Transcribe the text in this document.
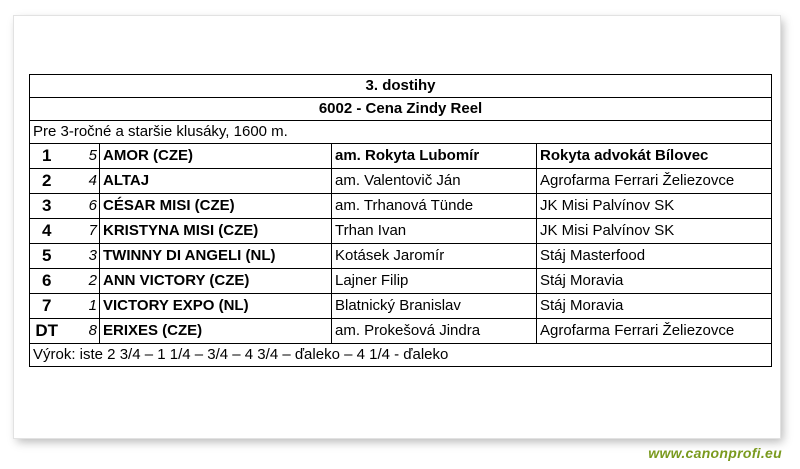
3. dostihy				
6002 - Cena Zindy Reel				
Pre 3-ročné a staršie klusáky, 1600 m.				
1	5	AMOR (CZE)	am. Rokyta Lubomír	Rokyta advokát Bílovec
2	4	ALTAJ	am. Valentovič Ján	Agrofarma Ferrari Želiezovce
3	6	CÉSAR MISI (CZE)	am. Trhanová Tünde	JK Misi Palvínov SK
4	7	KRISTYNA MISI (CZE)	Trhan Ivan	JK Misi Palvínov SK
5	3	TWINNY DI ANGELI (NL)	Kotásek Jaromír	Stáj Masterfood
6	2	ANN VICTORY (CZE)	Lajner Filip	Stáj Moravia
7	1	VICTORY EXPO (NL)	Blatnický Branislav	Stáj Moravia
DT	8	ERIXES (CZE)	am. Prokešová Jindra	Agrofarma Ferrari Želiezovce
Výrok: iste 2 3/4 – 1 1/4 – 3/4 – 4 3/4 – ďaleko – 4 1/4 - ďaleko				
www.canonprofi.eu
